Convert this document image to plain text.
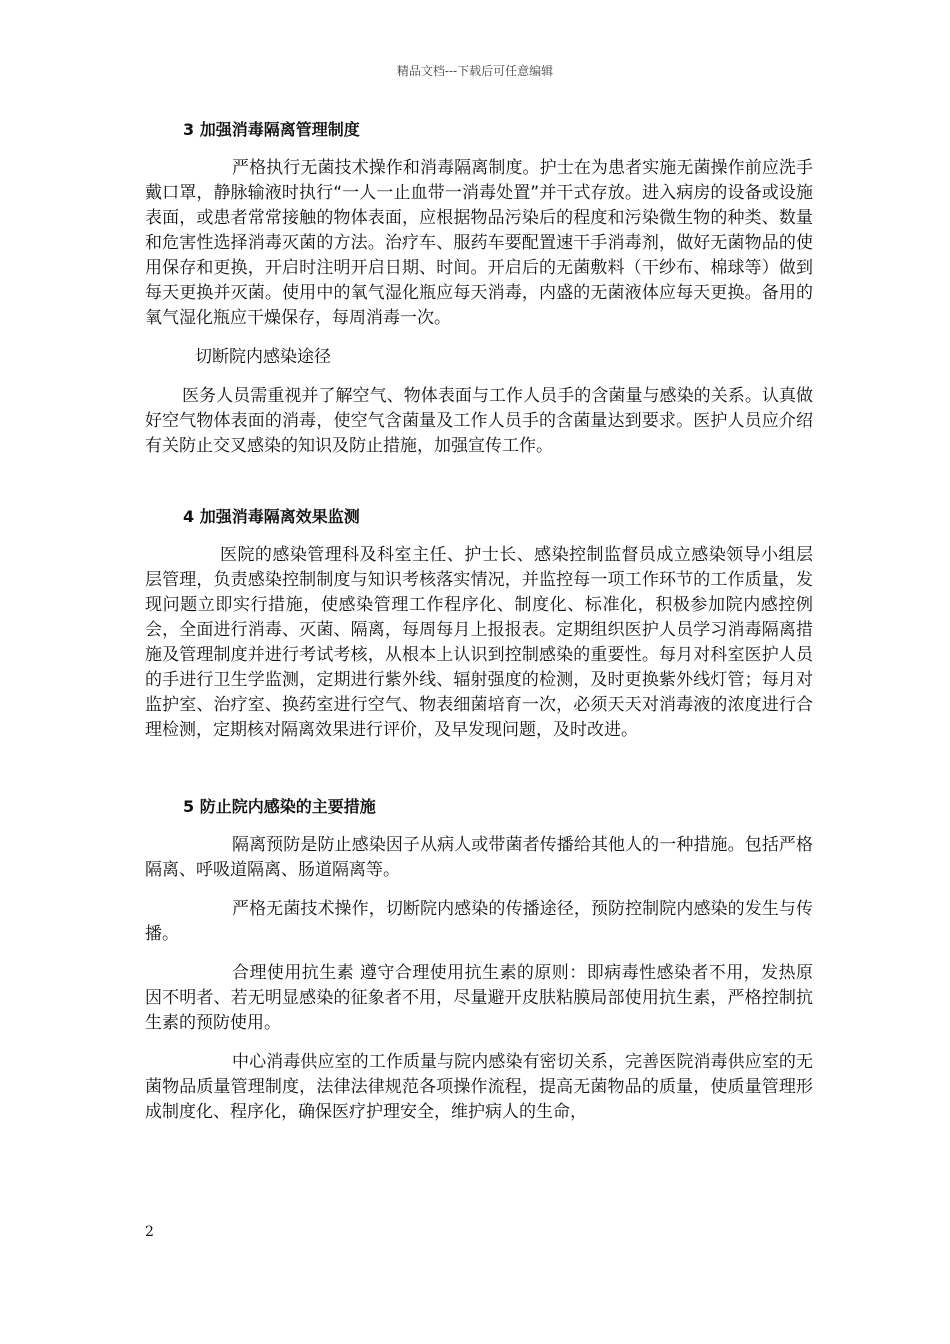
精品文档---下载后可任意编辑
3 加强消毒隔离管理制度

严格执行无菌技术操作和消毒隔离制度。护士在为患者实施无菌操作前应洗手戴口罩，静脉输液时执行“一人一止血带一消毒处置”并干式存放。进入病房的设备或设施表面，或患者常常接触的物体表面，应根据物品污染后的程度和污染微生物的种类、数量和危害性选择消毒灭菌的方法。治疗车、服药车要配置速干手消毒剂，做好无菌物品的使用保存和更换，开启时注明开启日期、时间。开启后的无菌敷料（干纱布、棉球等）做到每天更换并灭菌。使用中的氧气湿化瓶应每天消毒，内盛的无菌液体应每天更换。备用的氧气湿化瓶应干燥保存，每周消毒一次。

切断院内感染途径

医务人员需重视并了解空气、物体表面与工作人员手的含菌量与感染的关系。认真做好空气物体表面的消毒，使空气含菌量及工作人员手的含菌量达到要求。医护人员应介绍有关防止交叉感染的知识及防止措施，加强宣传工作。

4 加强消毒隔离效果监测

医院的感染管理科及科室主任、护士长、感染控制监督员成立感染领导小组层层管理，负责感染控制制度与知识考核落实情况，并监控每一项工作环节的工作质量，发现问题立即实行措施，使感染管理工作程序化、制度化、标准化，积极参加院内感控例会，全面进行消毒、灭菌、隔离，每周每月上报报表。定期组织医护人员学习消毒隔离措施及管理制度并进行考试考核，从根本上认识到控制感染的重要性。每月对科室医护人员的手进行卫生学监测，定期进行紫外线、辐射强度的检测，及时更换紫外线灯管；每月对监护室、治疗室、换药室进行空气、物表细菌培育一次，必须天天对消毒液的浓度进行合理检测，定期核对隔离效果进行评价，及早发现问题，及时改进。

5 防止院内感染的主要措施

隔离预防是防止感染因子从病人或带菌者传播给其他人的一种措施。包括严格隔离、呼吸道隔离、肠道隔离等。

严格无菌技术操作，切断院内感染的传播途径，预防控制院内感染的发生与传播。

合理使用抗生素 遵守合理使用抗生素的原则：即病毒性感染者不用，发热原因不明者、若无明显感染的征象者不用，尽量避开皮肤粘膜局部使用抗生素，严格控制抗生素的预防使用。

中心消毒供应室的工作质量与院内感染有密切关系，完善医院消毒供应室的无菌物品质量管理制度，法律法律规范各项操作流程，提高无菌物品的质量，使质量管理形成制度化、程序化，确保医疗护理安全，维护病人的生命，

2
